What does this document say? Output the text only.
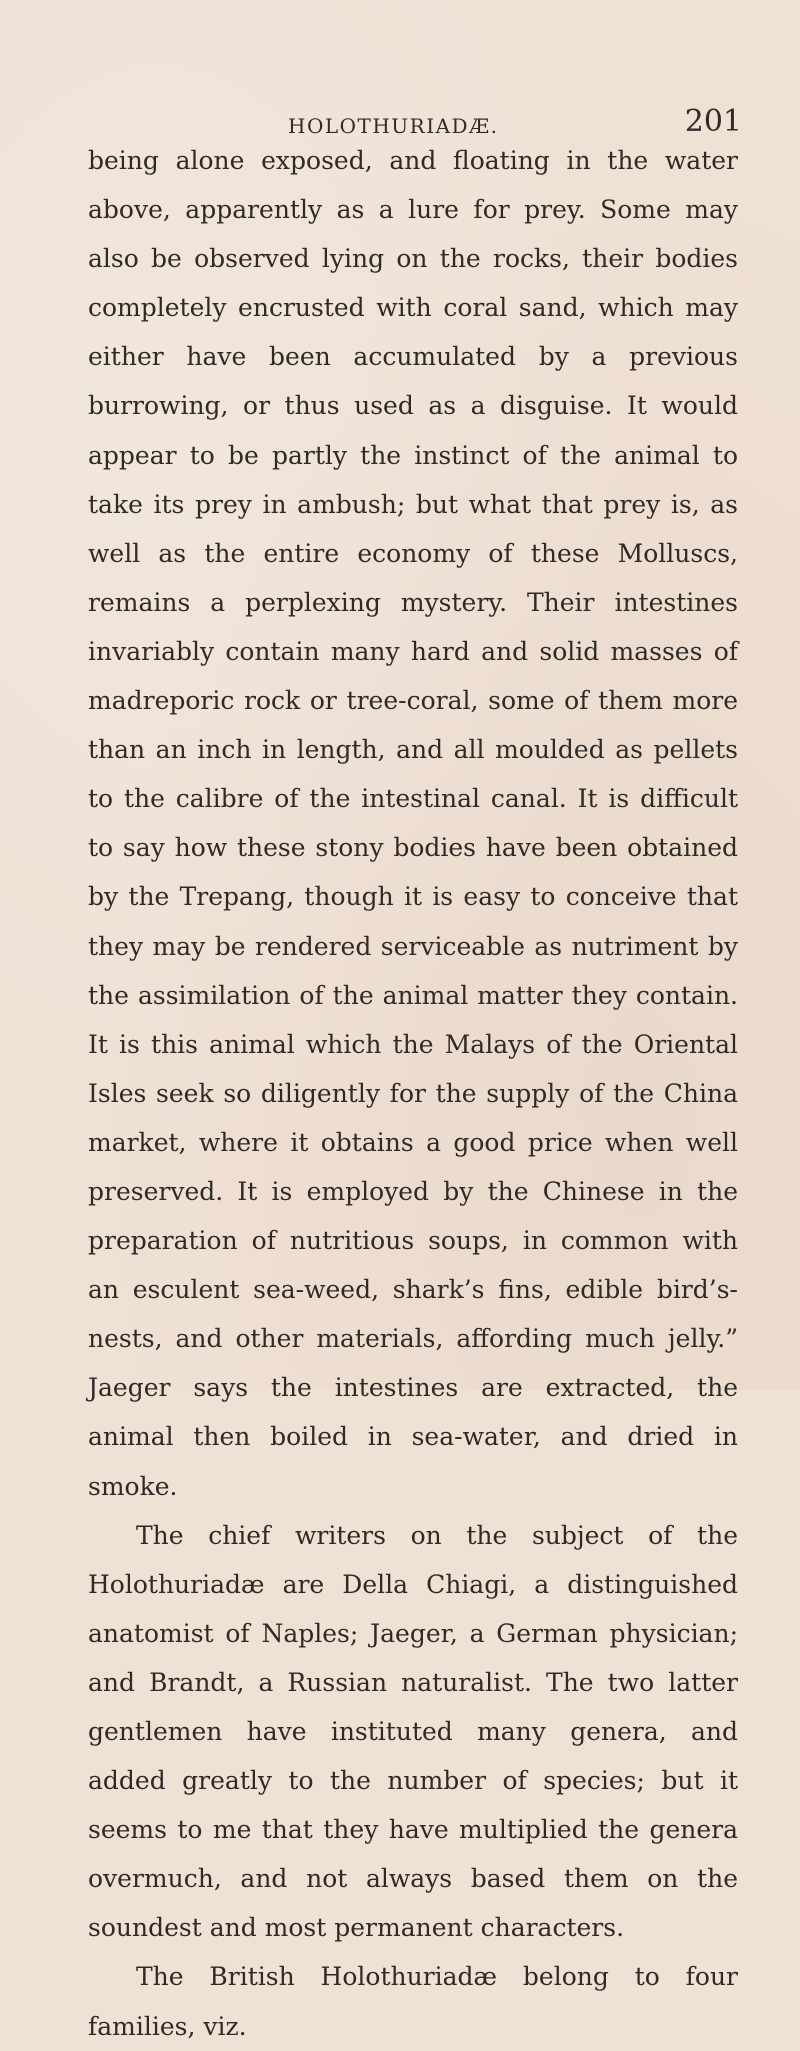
HOLOTHURIADÆ.	201

being alone exposed, and floating in the water above, apparently as a lure for prey. Some may also be observed lying on the rocks, their bodies completely encrusted with coral sand, which may either have been accumulated by a previous burrowing, or thus used as a disguise. It would appear to be partly the instinct of the animal to take its prey in ambush; but what that prey is, as well as the entire economy of these Molluscs, remains a perplexing mystery. Their intestines invariably contain many hard and solid masses of madreporic rock or tree-coral, some of them more than an inch in length, and all moulded as pellets to the calibre of the intestinal canal. It is difficult to say how these stony bodies have been obtained by the Trepang, though it is easy to conceive that they may be rendered serviceable as nutriment by the assimilation of the animal matter they contain. It is this animal which the Malays of the Oriental Isles seek so diligently for the supply of the China market, where it obtains a good price when well preserved. It is employed by the Chinese in the preparation of nutritious soups, in common with an esculent sea-weed, shark’s fins, edible bird’s-nests, and other materials, affording much jelly.” Jaeger says the intestines are extracted, the animal then boiled in sea-water, and dried in smoke.

The chief writers on the subject of the Holothuriadæ are Della Chiagi, a distinguished anatomist of Naples; Jaeger, a German physician; and Brandt, a Russian naturalist. The two latter gentlemen have instituted many genera, and added greatly to the number of species; but it seems to me that they have multiplied the genera overmuch, and not always based them on the soundest and most permanent characters.

The British Holothuriadæ belong to four families, viz.
